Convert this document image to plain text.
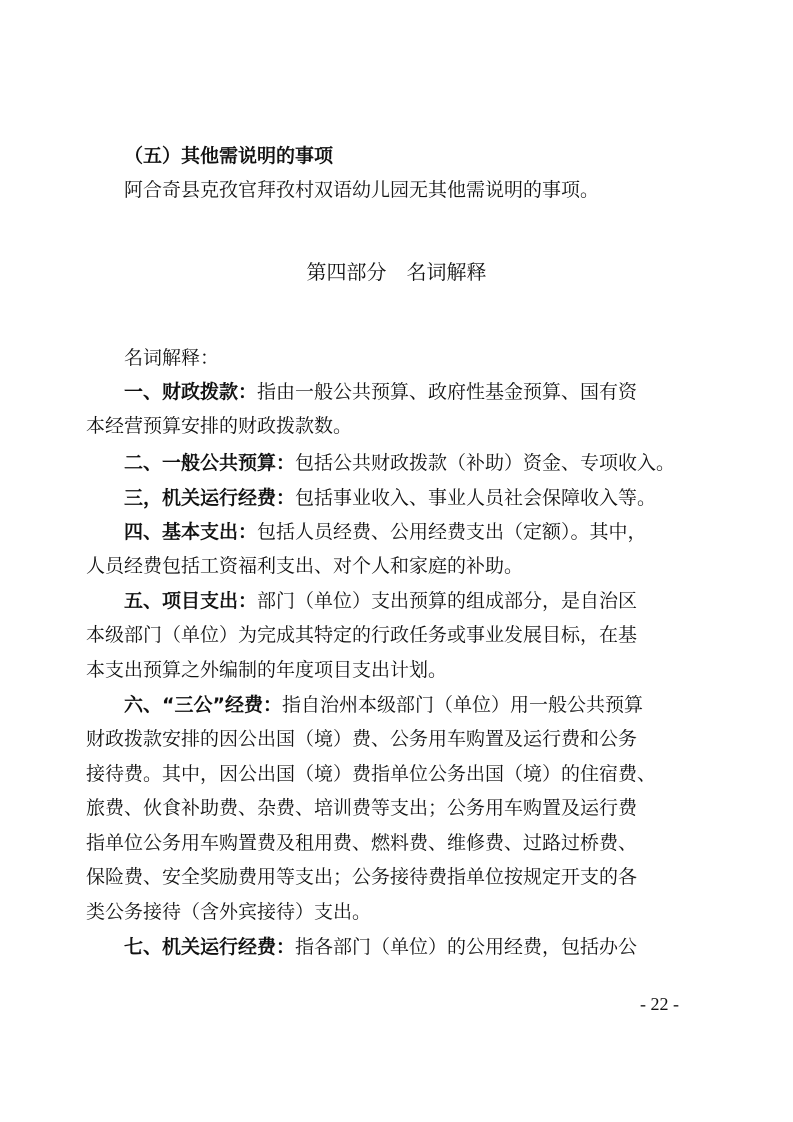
（五）其他需说明的事项
阿合奇县克孜官拜孜村双语幼儿园无其他需说明的事项。
第四部分　名词解释
名词解释：
一、财政拨款：指由一般公共预算、政府性基金预算、国有资
本经营预算安排的财政拨款数。
二、一般公共预算：包括公共财政拨款（补助）资金、专项收入。
三，机关运行经费：包括事业收入、事业人员社会保障收入等。
四、基本支出：包括人员经费、公用经费支出（定额）。其中，
人员经费包括工资福利支出、对个人和家庭的补助。
五、项目支出：部门（单位）支出预算的组成部分，是自治区
本级部门（单位）为完成其特定的行政任务或事业发展目标，在基
本支出预算之外编制的年度项目支出计划。
六、“三公”经费：指自治州本级部门（单位）用一般公共预算
财政拨款安排的因公出国（境）费、公务用车购置及运行费和公务
接待费。其中，因公出国（境）费指单位公务出国（境）的住宿费、
旅费、伙食补助费、杂费、培训费等支出；公务用车购置及运行费
指单位公务用车购置费及租用费、燃料费、维修费、过路过桥费、
保险费、安全奖励费用等支出；公务接待费指单位按规定开支的各
类公务接待（含外宾接待）支出。
七、机关运行经费：指各部门（单位）的公用经费，包括办公
- 22 -
